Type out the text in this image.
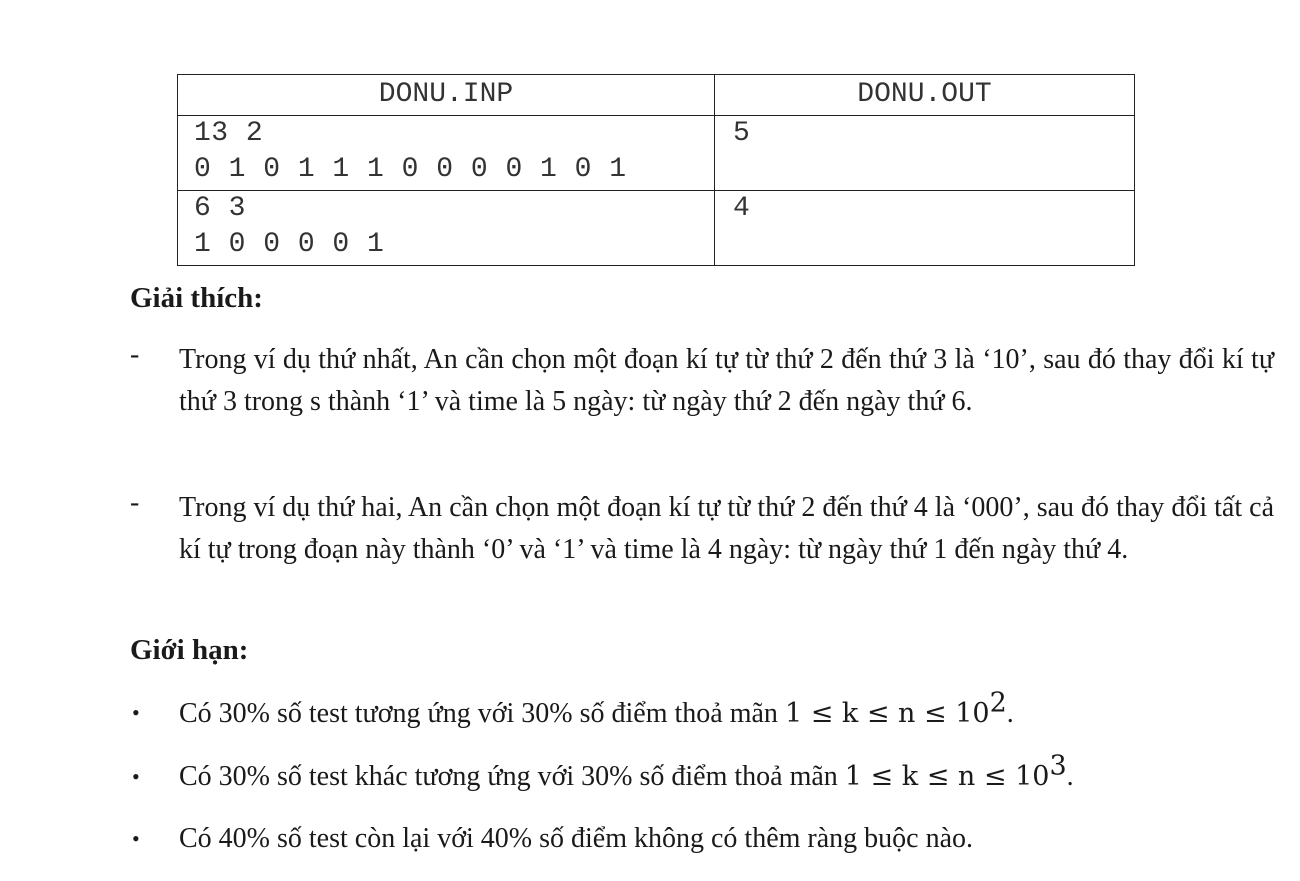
DONU.INP	DONU.OUT

13 2
0 1 0 1 1 1 0 0 0 0 1 0 1	5

6 3
1 0 0 0 0 1	4
Giải thích:
- Trong ví dụ thứ nhất, An cần chọn một đoạn kí tự từ thứ 2 đến thứ 3 là ‘10’, sau đó thay đổi kí tự thứ 3 trong s thành ‘1’ và time là 5 ngày: từ ngày thứ 2 đến ngày thứ 6.
- Trong ví dụ thứ hai, An cần chọn một đoạn kí tự từ thứ 2 đến thứ 4 là ‘000’, sau đó thay đổi tất cả kí tự trong đoạn này thành ‘0’ và ‘1’ và time là 4 ngày: từ ngày thứ 1 đến ngày thứ 4.
Giới hạn:
• Có 30% số test tương ứng với 30% số điểm thoả mãn $1 \le k \le n \le 10^2$.
• Có 30% số test khác tương ứng với 30% số điểm thoả mãn $1 \le k \le n \le 10^3$.
• Có 40% số test còn lại với 40% số điểm không có thêm ràng buộc nào.
